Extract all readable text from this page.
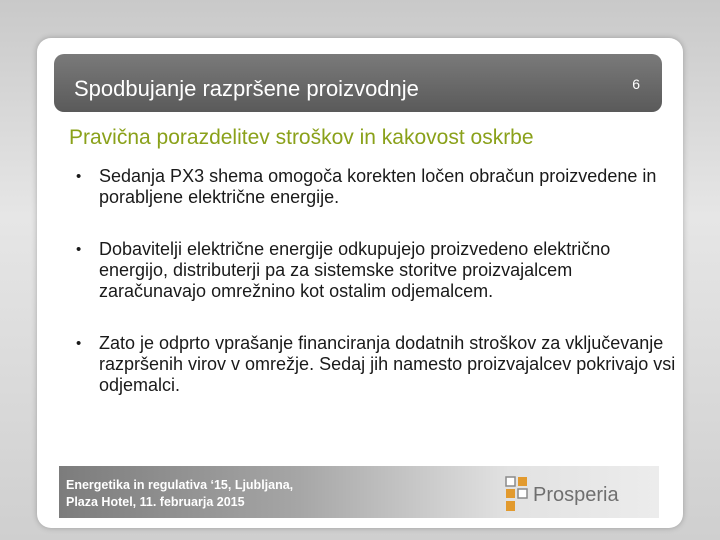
Spodbujanje razpršene proizvodnje	6
Pravična porazdelitev stroškov in kakovost oskrbe
• Sedanja PX3 shema omogoča korekten ločen obračun proizvedene in porabljene električne energije.
• Dobavitelji električne energije odkupujejo proizvedeno električno energijo, distributerji pa za sistemske storitve proizvajalcem zaračunavajo omrežnino kot ostalim odjemalcem.
• Zato je odprto vprašanje financiranja dodatnih stroškov za vključevanje razpršenih virov v omrežje. Sedaj jih namesto proizvajalcev pokrivajo vsi odjemalci.
Energetika in regulativa ‘15, Ljubljana,
Plaza Hotel, 11. februarja 2015	Prosperia
